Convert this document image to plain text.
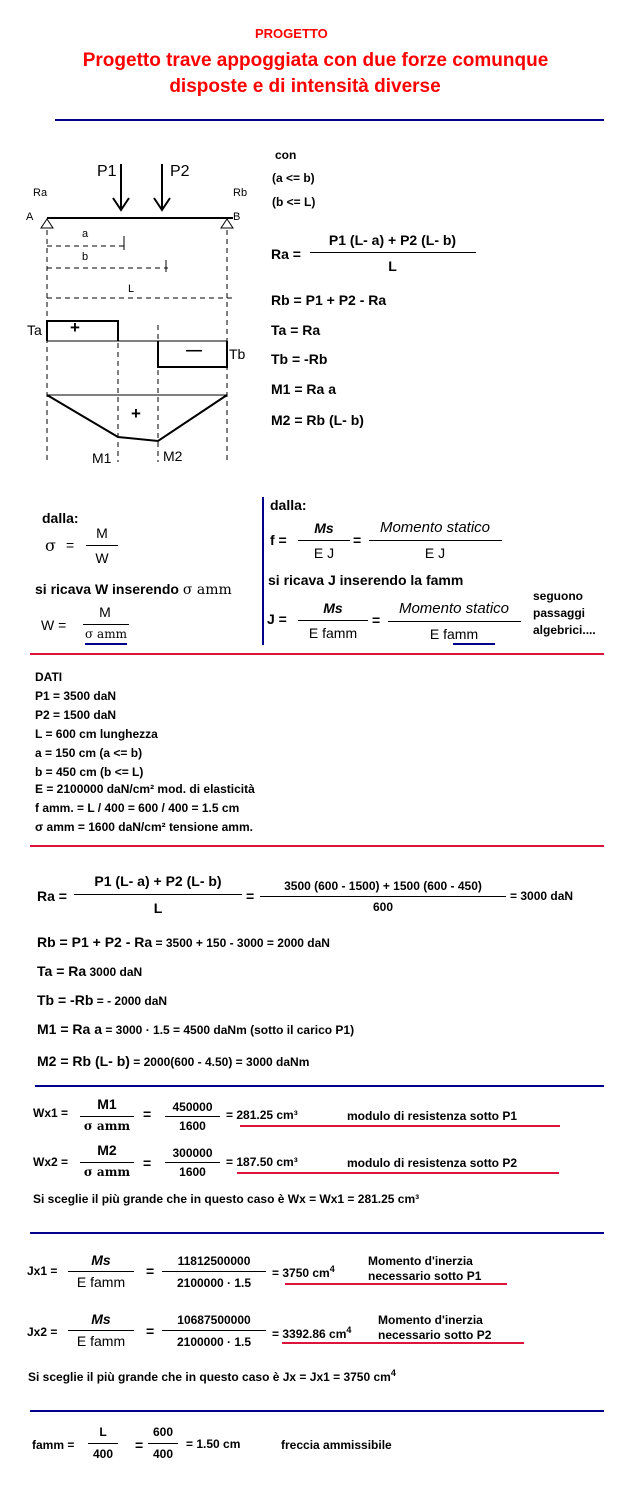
PROGETTO
Progetto trave appoggiata con due forze comunque
disposte e di intensità diverse
P1	P2
Ra	Rb
A	B
a
b
L
Ta +
— Tb
+
M1	M2
con
(a <= b)
(b <= L)
Ra =
P1 (L- a) + P2 (L- b)
L
Rb = P1 + P2 - Ra
Ta = Ra
Tb = -Rb
M1 = Ra a
M2 = Rb (L- b)
dalla:
σ =
M
W
si ricava W inserendo σ amm
W =
M
σ amm
dalla:
f =
Ms
E J
=
Momento statico
E J
si ricava J inserendo la famm
J =
Ms
E famm
=
Momento statico
E famm
seguono
passaggi
algebrici....
DATI
P1 = 3500 daN
P2 = 1500 daN
L = 600 cm lunghezza
a = 150 cm (a <= b)
b = 450 cm (b <= L)
E = 2100000 daN/cm² mod. di elasticità
f amm. = L / 400 = 600 / 400 = 1.5 cm
σ amm = 1600 daN/cm² tensione amm.
Ra =
P1 (L- a) + P2 (L- b)
L
=
3500 (600 - 1500) + 1500 (600 - 450)
600
= 3000 daN
Rb = P1 + P2 - Ra = 3500 + 150 - 3000 = 2000 daN
Ta = Ra 3000 daN
Tb = -Rb = - 2000 daN
M1 = Ra a = 3000 · 1.5 = 4500 daNm (sotto il carico P1)
M2 = Rb (L- b) = 2000(600 - 4.50) = 3000 daNm
Wx1 =
M1
σ amm
=	450000
1600
= 281.25 cm³	modulo di resistenza sotto P1
Wx2 =
M2
σ amm
=
300000
1600
= 187.50 cm³	modulo di resistenza sotto P2
Si sceglie il più grande che in questo caso è Wx = Wx1 = 281.25 cm³
Jx1 =
Ms
E famm
=
11812500000
2100000 · 1.5
= 3750 $cm^4$
Momento d'inerzia
necessario sotto P1
Jx2 =
Ms
E famm
=
10687500000
2100000 · 1.5
= 3392.86 $cm^4$
Momento d'inerzia
necessario sotto P2
Si sceglie il più grande che in questo caso è Jx = Jx1 = 3750 $cm^4$
famm =
L
400
=
600
400
= 1.50 cm	freccia ammissibile
